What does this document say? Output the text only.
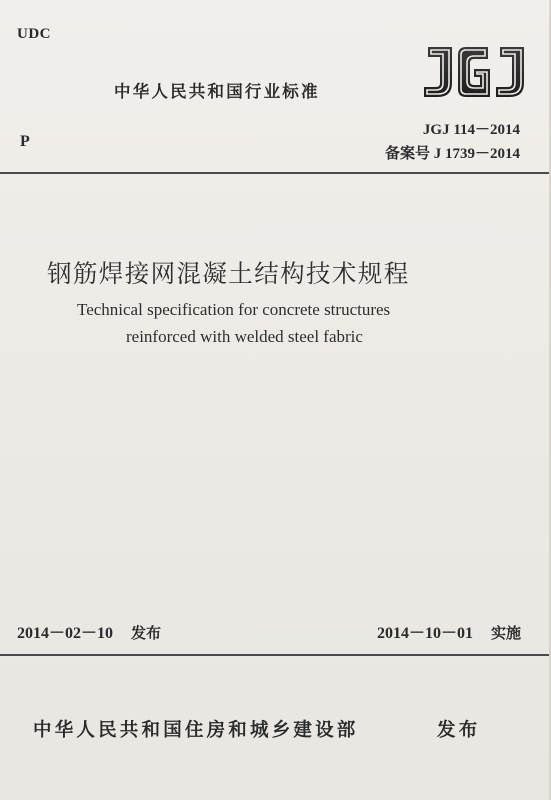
UDC
中华人民共和国行业标准
JGJ 114－2014
P
备案号 J 1739－2014
钢筋焊接网混凝土结构技术规程
Technical specification for concrete structures
reinforced with welded steel fabric
2014－02－10 发布	2014－10－01 实施
中华人民共和国住房和城乡建设部	发布
